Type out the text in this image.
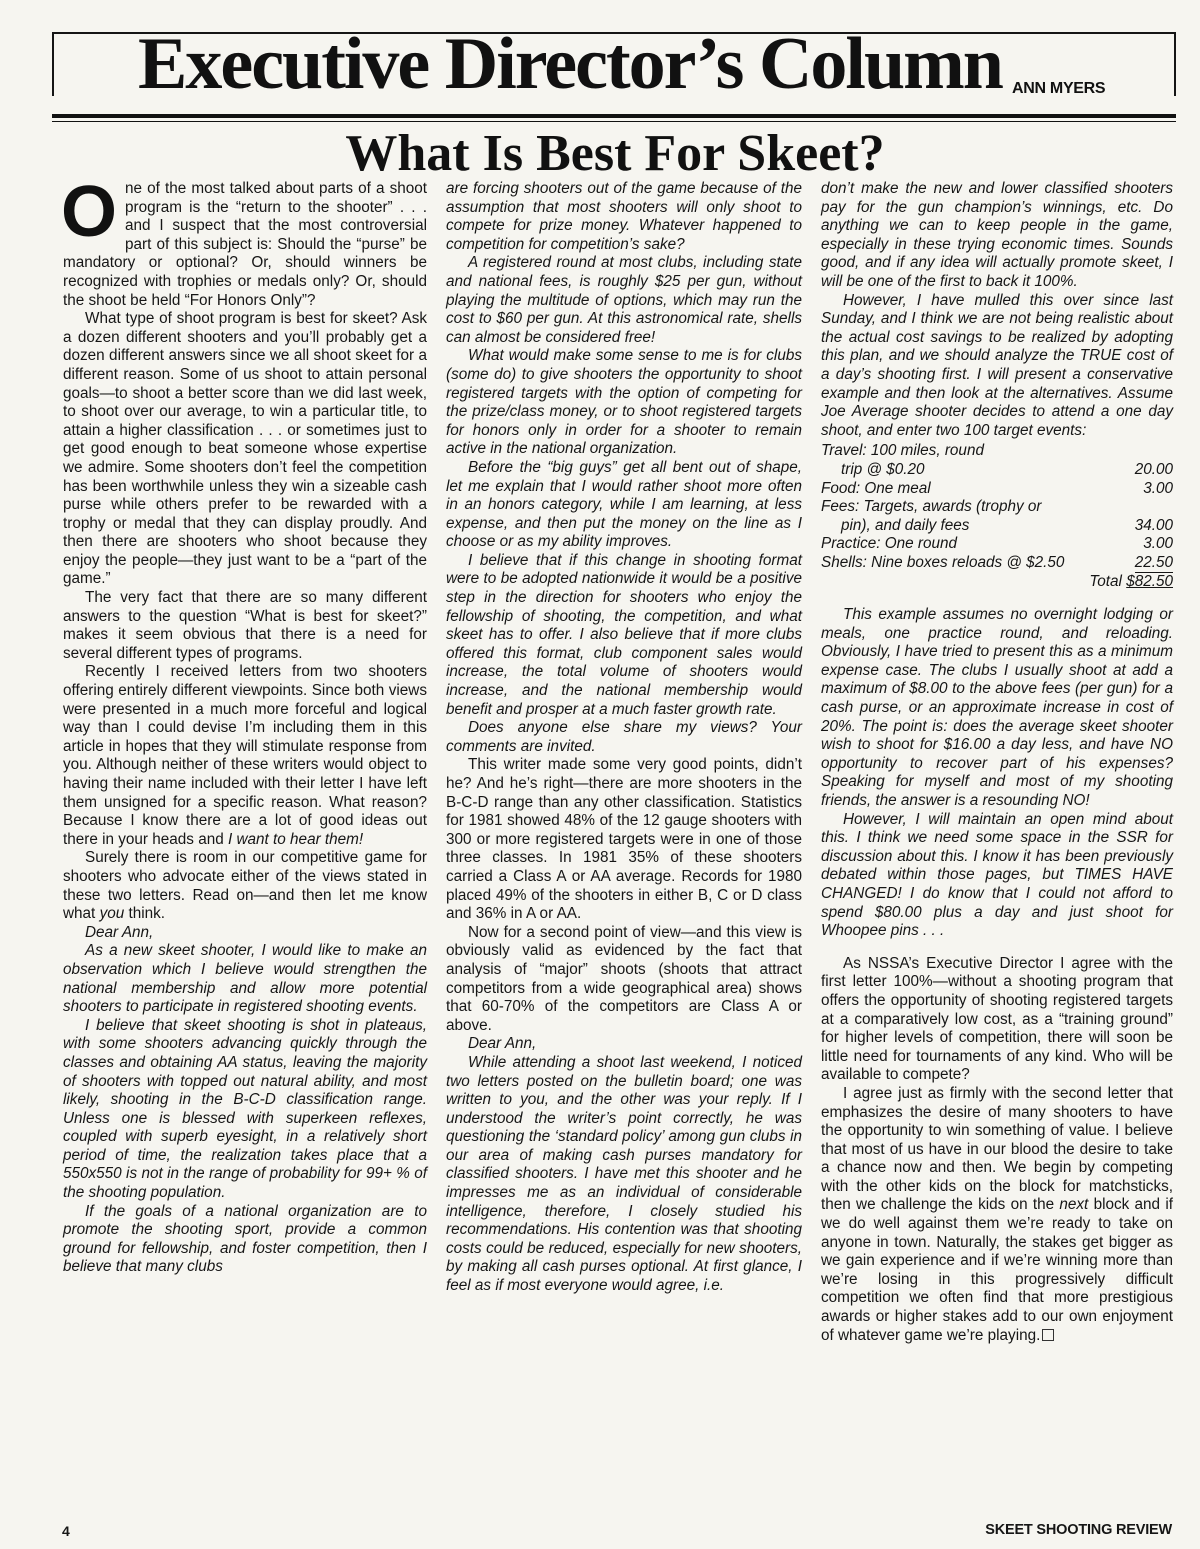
Executive Director’s Column ANN MYERS
What Is Best For Skeet?

One of the most talked about parts of a shoot program is the “return to the shooter” . . . and I suspect that the most controversial part of this subject is: Should the “purse” be mandatory or optional? Or, should winners be recognized with trophies or medals only? Or, should the shoot be held “For Honors Only”?

What type of shoot program is best for skeet? Ask a dozen different shooters and you’ll probably get a dozen different answers since we all shoot skeet for a different reason. Some of us shoot to attain personal goals—to shoot a better score than we did last week, to shoot over our average, to win a particular title, to attain a higher classification . . . or sometimes just to get good enough to beat someone whose expertise we admire. Some shooters don’t feel the competition has been worthwhile unless they win a sizeable cash purse while others prefer to be rewarded with a trophy or medal that they can display proudly. And then there are shooters who shoot because they enjoy the people—they just want to be a “part of the game.”

The very fact that there are so many different answers to the question “What is best for skeet?” makes it seem obvious that there is a need for several different types of programs.

Recently I received letters from two shooters offering entirely different viewpoints. Since both views were presented in a much more forceful and logical way than I could devise I’m including them in this article in hopes that they will stimulate response from you. Although neither of these writers would object to having their name included with their letter I have left them unsigned for a specific reason. What reason? Because I know there are a lot of good ideas out there in your heads and I want to hear them!

Surely there is room in our competitive game for shooters who advocate either of the views stated in these two letters. Read on—and then let me know what you think.

Dear Ann,

As a new skeet shooter, I would like to make an observation which I believe would strengthen the national membership and allow more potential shooters to participate in registered shooting events.

I believe that skeet shooting is shot in plateaus, with some shooters advancing quickly through the classes and obtaining AA status, leaving the majority of shooters with topped out natural ability, and most likely, shooting in the B-C-D classification range. Unless one is blessed with superkeen reflexes, coupled with superb eyesight, in a relatively short period of time, the realization takes place that a 550x550 is not in the range of probability for 99+ % of the shooting population.

If the goals of a national organization are to promote the shooting sport, provide a common ground for fellowship, and foster competition, then I believe that many clubs

are forcing shooters out of the game because of the assumption that most shooters will only shoot to compete for prize money. Whatever happened to competition for competition’s sake?

A registered round at most clubs, including state and national fees, is roughly $25 per gun, without playing the multitude of options, which may run the cost to $60 per gun. At this astronomical rate, shells can almost be considered free!

What would make some sense to me is for clubs (some do) to give shooters the opportunity to shoot registered targets with the option of competing for the prize/class money, or to shoot registered targets for honors only in order for a shooter to remain active in the national organization.

Before the “big guys” get all bent out of shape, let me explain that I would rather shoot more often in an honors category, while I am learning, at less expense, and then put the money on the line as I choose or as my ability improves.

I believe that if this change in shooting format were to be adopted nationwide it would be a positive step in the direction for shooters who enjoy the fellowship of shooting, the competition, and what skeet has to offer. I also believe that if more clubs offered this format, club component sales would increase, the total volume of shooters would increase, and the national membership would benefit and prosper at a much faster growth rate.

Does anyone else share my views? Your comments are invited.

This writer made some very good points, didn’t he? And he’s right—there are more shooters in the B-C-D range than any other classification. Statistics for 1981 showed 48% of the 12 gauge shooters with 300 or more registered targets were in one of those three classes. In 1981 35% of these shooters carried a Class A or AA average. Records for 1980 placed 49% of the shooters in either B, C or D class and 36% in A or AA.

Now for a second point of view—and this view is obviously valid as evidenced by the fact that analysis of “major” shoots (shoots that attract competitors from a wide geographical area) shows that 60-70% of the competitors are Class A or above.

Dear Ann,

While attending a shoot last weekend, I noticed two letters posted on the bulletin board; one was written to you, and the other was your reply. If I understood the writer’s point correctly, he was questioning the ‘standard policy’ among gun clubs in our area of making cash purses mandatory for classified shooters. I have met this shooter and he impresses me as an individual of considerable intelligence, therefore, I closely studied his recommendations. His contention was that shooting costs could be reduced, especially for new shooters, by making all cash purses optional. At first glance, I feel as if most everyone would agree, i.e.

don’t make the new and lower classified shooters pay for the gun champion’s winnings, etc. Do anything we can to keep people in the game, especially in these trying economic times. Sounds good, and if any idea will actually promote skeet, I will be one of the first to back it 100%.

However, I have mulled this over since last Sunday, and I think we are not being realistic about the actual cost savings to be realized by adopting this plan, and we should analyze the TRUE cost of a day’s shooting first. I will present a conservative example and then look at the alternatives. Assume Joe Average shooter decides to attend a one day shoot, and enter two 100 target events:

Travel: 100 miles, round
trip @ $0.20	20.00
Food: One meal	3.00
Fees: Targets, awards (trophy or
pin), and daily fees	34.00
Practice: One round	3.00
Shells: Nine boxes reloads @ $2.50	22.50
Total $82.50

This example assumes no overnight lodging or meals, one practice round, and reloading. Obviously, I have tried to present this as a minimum expense case. The clubs I usually shoot at add a maximum of $8.00 to the above fees (per gun) for a cash purse, or an approximate increase in cost of 20%. The point is: does the average skeet shooter wish to shoot for $16.00 a day less, and have NO opportunity to recover part of his expenses? Speaking for myself and most of my shooting friends, the answer is a resounding NO!

However, I will maintain an open mind about this. I think we need some space in the SSR for discussion about this. I know it has been previously debated within those pages, but TIMES HAVE CHANGED! I do know that I could not afford to spend $80.00 plus a day and just shoot for Whoopee pins . . .

As NSSA’s Executive Director I agree with the first letter 100%—without a shooting program that offers the opportunity of shooting registered targets at a comparatively low cost, as a “training ground” for higher levels of competition, there will soon be little need for tournaments of any kind. Who will be available to compete?

I agree just as firmly with the second letter that emphasizes the desire of many shooters to have the opportunity to win something of value. I believe that most of us have in our blood the desire to take a chance now and then. We begin by competing with the other kids on the block for matchsticks, then we challenge the kids on the next block and if we do well against them we’re ready to take on anyone in town. Naturally, the stakes get bigger as we gain experience and if we’re winning more than we’re losing in this progressively difficult competition we often find that more prestigious awards or higher stakes add to our own enjoyment of whatever game we’re playing.

4	SKEET SHOOTING REVIEW
